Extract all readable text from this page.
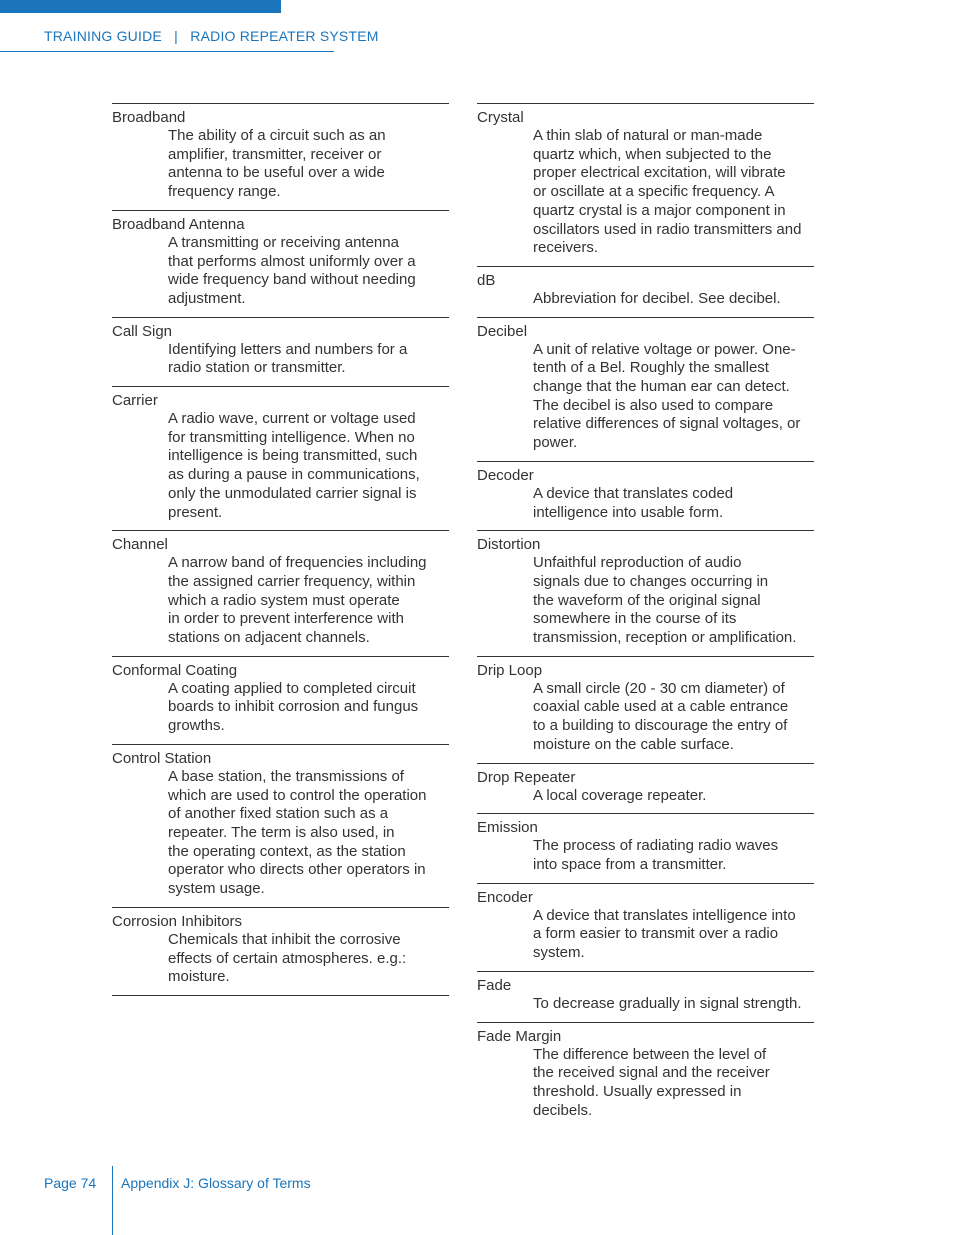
TRAINING GUIDE   |   RADIO REPEATER SYSTEM
Broadband
The ability of a circuit such as an
amplifier, transmitter, receiver or
antenna to be useful over a wide
frequency range.
Broadband Antenna
A transmitting or receiving antenna
that performs almost uniformly over a
wide frequency band without needing
adjustment.
Call Sign
Identifying letters and numbers for a
radio station or transmitter.
Carrier
A radio wave, current or voltage used
for transmitting intelligence. When no
intelligence is being transmitted, such
as during a pause in communications,
only the unmodulated carrier signal is
present.
Channel
A narrow band of frequencies including
the assigned carrier frequency, within
which a radio system must operate
in order to prevent interference with
stations on adjacent channels.
Conformal Coating
A coating applied to completed circuit
boards to inhibit corrosion and fungus
growths.
Control Station
A base station, the transmissions of
which are used to control the operation
of another fixed station such as a
repeater. The term is also used, in
the operating context, as the station
operator who directs other operators in
system usage.
Corrosion Inhibitors
Chemicals that inhibit the corrosive
effects of certain atmospheres. e.g.:
moisture.
Crystal
A thin slab of natural or man-made
quartz which, when subjected to the
proper electrical excitation, will vibrate
or oscillate at a specific frequency. A
quartz crystal is a major component in
oscillators used in radio transmitters and
receivers.
dB
Abbreviation for decibel. See decibel.
Decibel
A unit of relative voltage or power. One-
tenth of a Bel. Roughly the smallest
change that the human ear can detect.
The decibel is also used to compare
relative differences of signal voltages, or
power.
Decoder
A device that translates coded
intelligence into usable form.
Distortion
Unfaithful reproduction of audio
signals due to changes occurring in
the waveform of the original signal
somewhere in the course of its
transmission, reception or amplification.
Drip Loop
A small circle (20 - 30 cm diameter) of
coaxial cable used at a cable entrance
to a building to discourage the entry of
moisture on the cable surface.
Drop Repeater
A local coverage repeater.
Emission
The process of radiating radio waves
into space from a transmitter.
Encoder
A device that translates intelligence into
a form easier to transmit over a radio
system.
Fade
To decrease gradually in signal strength.
Fade Margin
The difference between the level of
the received signal and the receiver
threshold. Usually expressed in
decibels.
Page 74 Appendix J: Glossary of Terms
